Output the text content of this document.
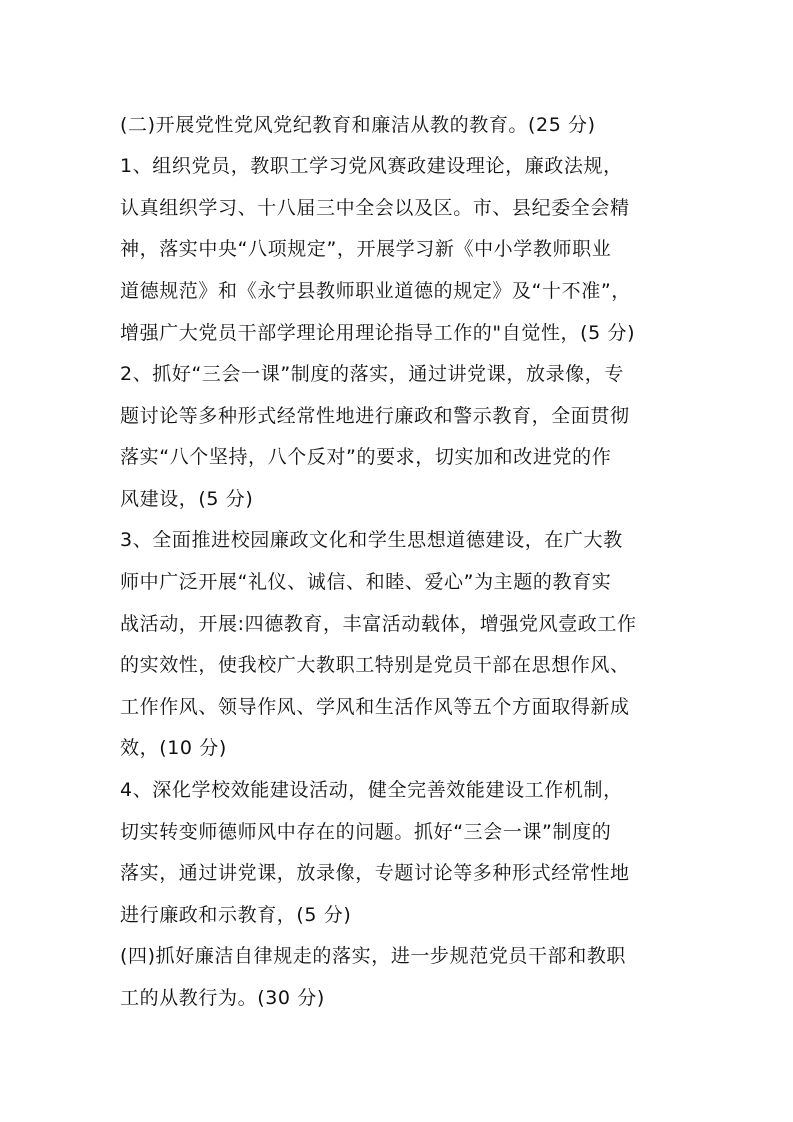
(二)开展党性党风党纪教育和廉洁从教的教育。(25 分)
1、组织党员，教职工学习党风赛政建设理论，廉政法规，
认真组织学习、十八届三中全会以及区。市、县纪委全会精
神，落实中央“八项规定”，开展学习新《中小学教师职业
道德规范》和《永宁县教师职业道德的规定》及“十不准”，
增强广大党员干部学理论用理论指导工作的"自觉性，(5 分)
2、抓好“三会一课”制度的落实，通过讲党课，放录像，专
题讨论等多种形式经常性地进行廉政和警示教育，全面贯彻
落实“八个坚持，八个反对”的要求，切实加和改进党的作
风建设，(5 分)
3、全面推进校园廉政文化和学生思想道德建设，在广大教
师中广泛开展“礼仪、诚信、和睦、爱心”为主题的教育实
战活动，开展:四德教育，丰富活动载体，增强党风壹政工作
的实效性，使我校广大教职工特别是党员干部在思想作风、
工作作风、领导作风、学风和生活作风等五个方面取得新成
效，(10 分)
4、深化学校效能建设活动，健全完善效能建设工作机制，
切实转变师德师风中存在的问题。抓好“三会一课”制度的
落实，通过讲党课，放录像，专题讨论等多种形式经常性地
进行廉政和示教育，(5 分)
(四)抓好廉洁自律规走的落实，进一步规范党员干部和教职
工的从教行为。(30 分)
